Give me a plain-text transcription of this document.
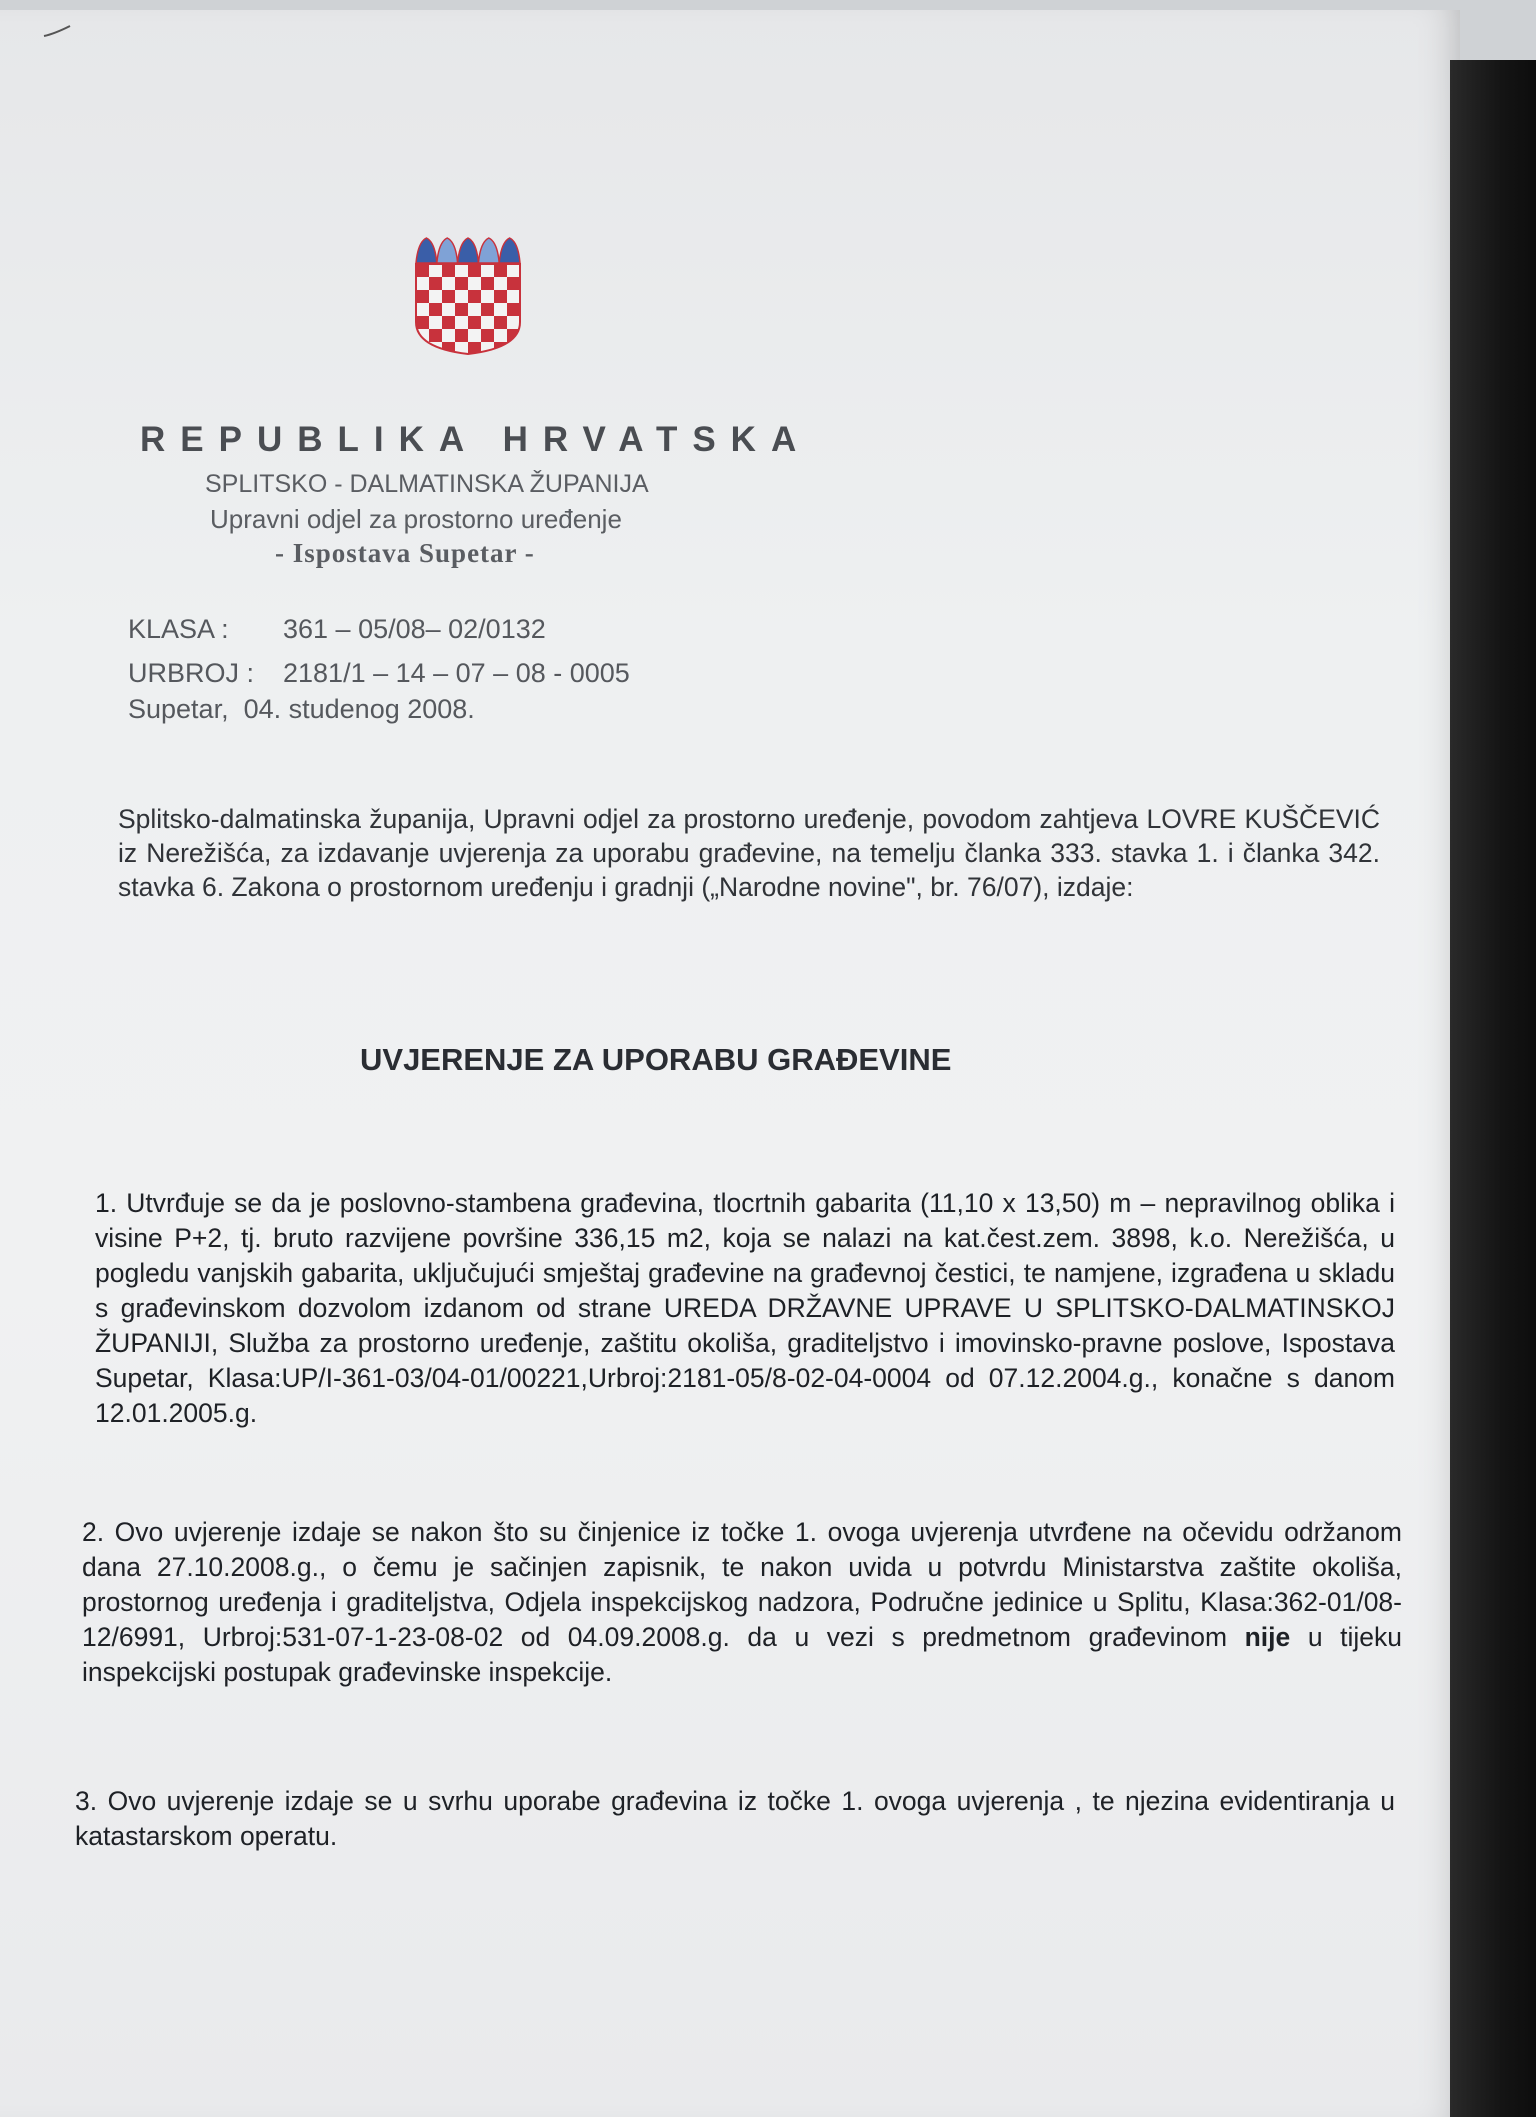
REPUBLIKA HRVATSKA
SPLITSKO - DALMATINSKA ŽUPANIJA
Upravni odjel za prostorno uređenje
- Ispostava Supetar -
KLASA : 361 – 05/08– 02/0132
URBROJ : 2181/1 – 14 – 07 – 08 - 0005
Supetar, 04. studenog 2008.
Splitsko-dalmatinska županija, Upravni odjel za prostorno uređenje, povodom zahtjeva LOVRE KUŠČEVIĆ iz Nerežišća, za izdavanje uvjerenja za uporabu građevine, na temelju članka 333. stavka 1. i članka 342. stavka 6. Zakona o prostornom uređenju i gradnji („Narodne novine", br. 76/07), izdaje:
UVJERENJE ZA UPORABU GRAĐEVINE
1. Utvrđuje se da je poslovno-stambena građevina, tlocrtnih gabarita (11,10 x 13,50) m – nepravilnog oblika i visine P+2, tj. bruto razvijene površine 336,15 m2, koja se nalazi na kat.čest.zem. 3898, k.o. Nerežišća, u pogledu vanjskih gabarita, uključujući smještaj građevine na građevnoj čestici, te namjene, izgrađena u skladu s građevinskom dozvolom izdanom od strane UREDA DRŽAVNE UPRAVE U SPLITSKO-DALMATINSKOJ ŽUPANIJI, Služba za prostorno uređenje, zaštitu okoliša, graditeljstvo i imovinsko-pravne poslove, Ispostava Supetar, Klasa:UP/I-361-03/04-01/00221,Urbroj:2181-05/8-02-04-0004 od 07.12.2004.g., konačne s danom 12.01.2005.g.
2. Ovo uvjerenje izdaje se nakon što su činjenice iz točke 1. ovoga uvjerenja utvrđene na očevidu održanom dana 27.10.2008.g., o čemu je sačinjen zapisnik, te nakon uvida u potvrdu Ministarstva zaštite okoliša, prostornog uređenja i graditeljstva, Odjela inspekcijskog nadzora, Područne jedinice u Splitu, Klasa:362-01/08-12/6991, Urbroj:531-07-1-23-08-02 od 04.09.2008.g. da u vezi s predmetnom građevinom nije u tijeku inspekcijski postupak građevinske inspekcije.
3. Ovo uvjerenje izdaje se u svrhu uporabe građevina iz točke 1. ovoga uvjerenja , te njezina evidentiranja u katastarskom operatu.
